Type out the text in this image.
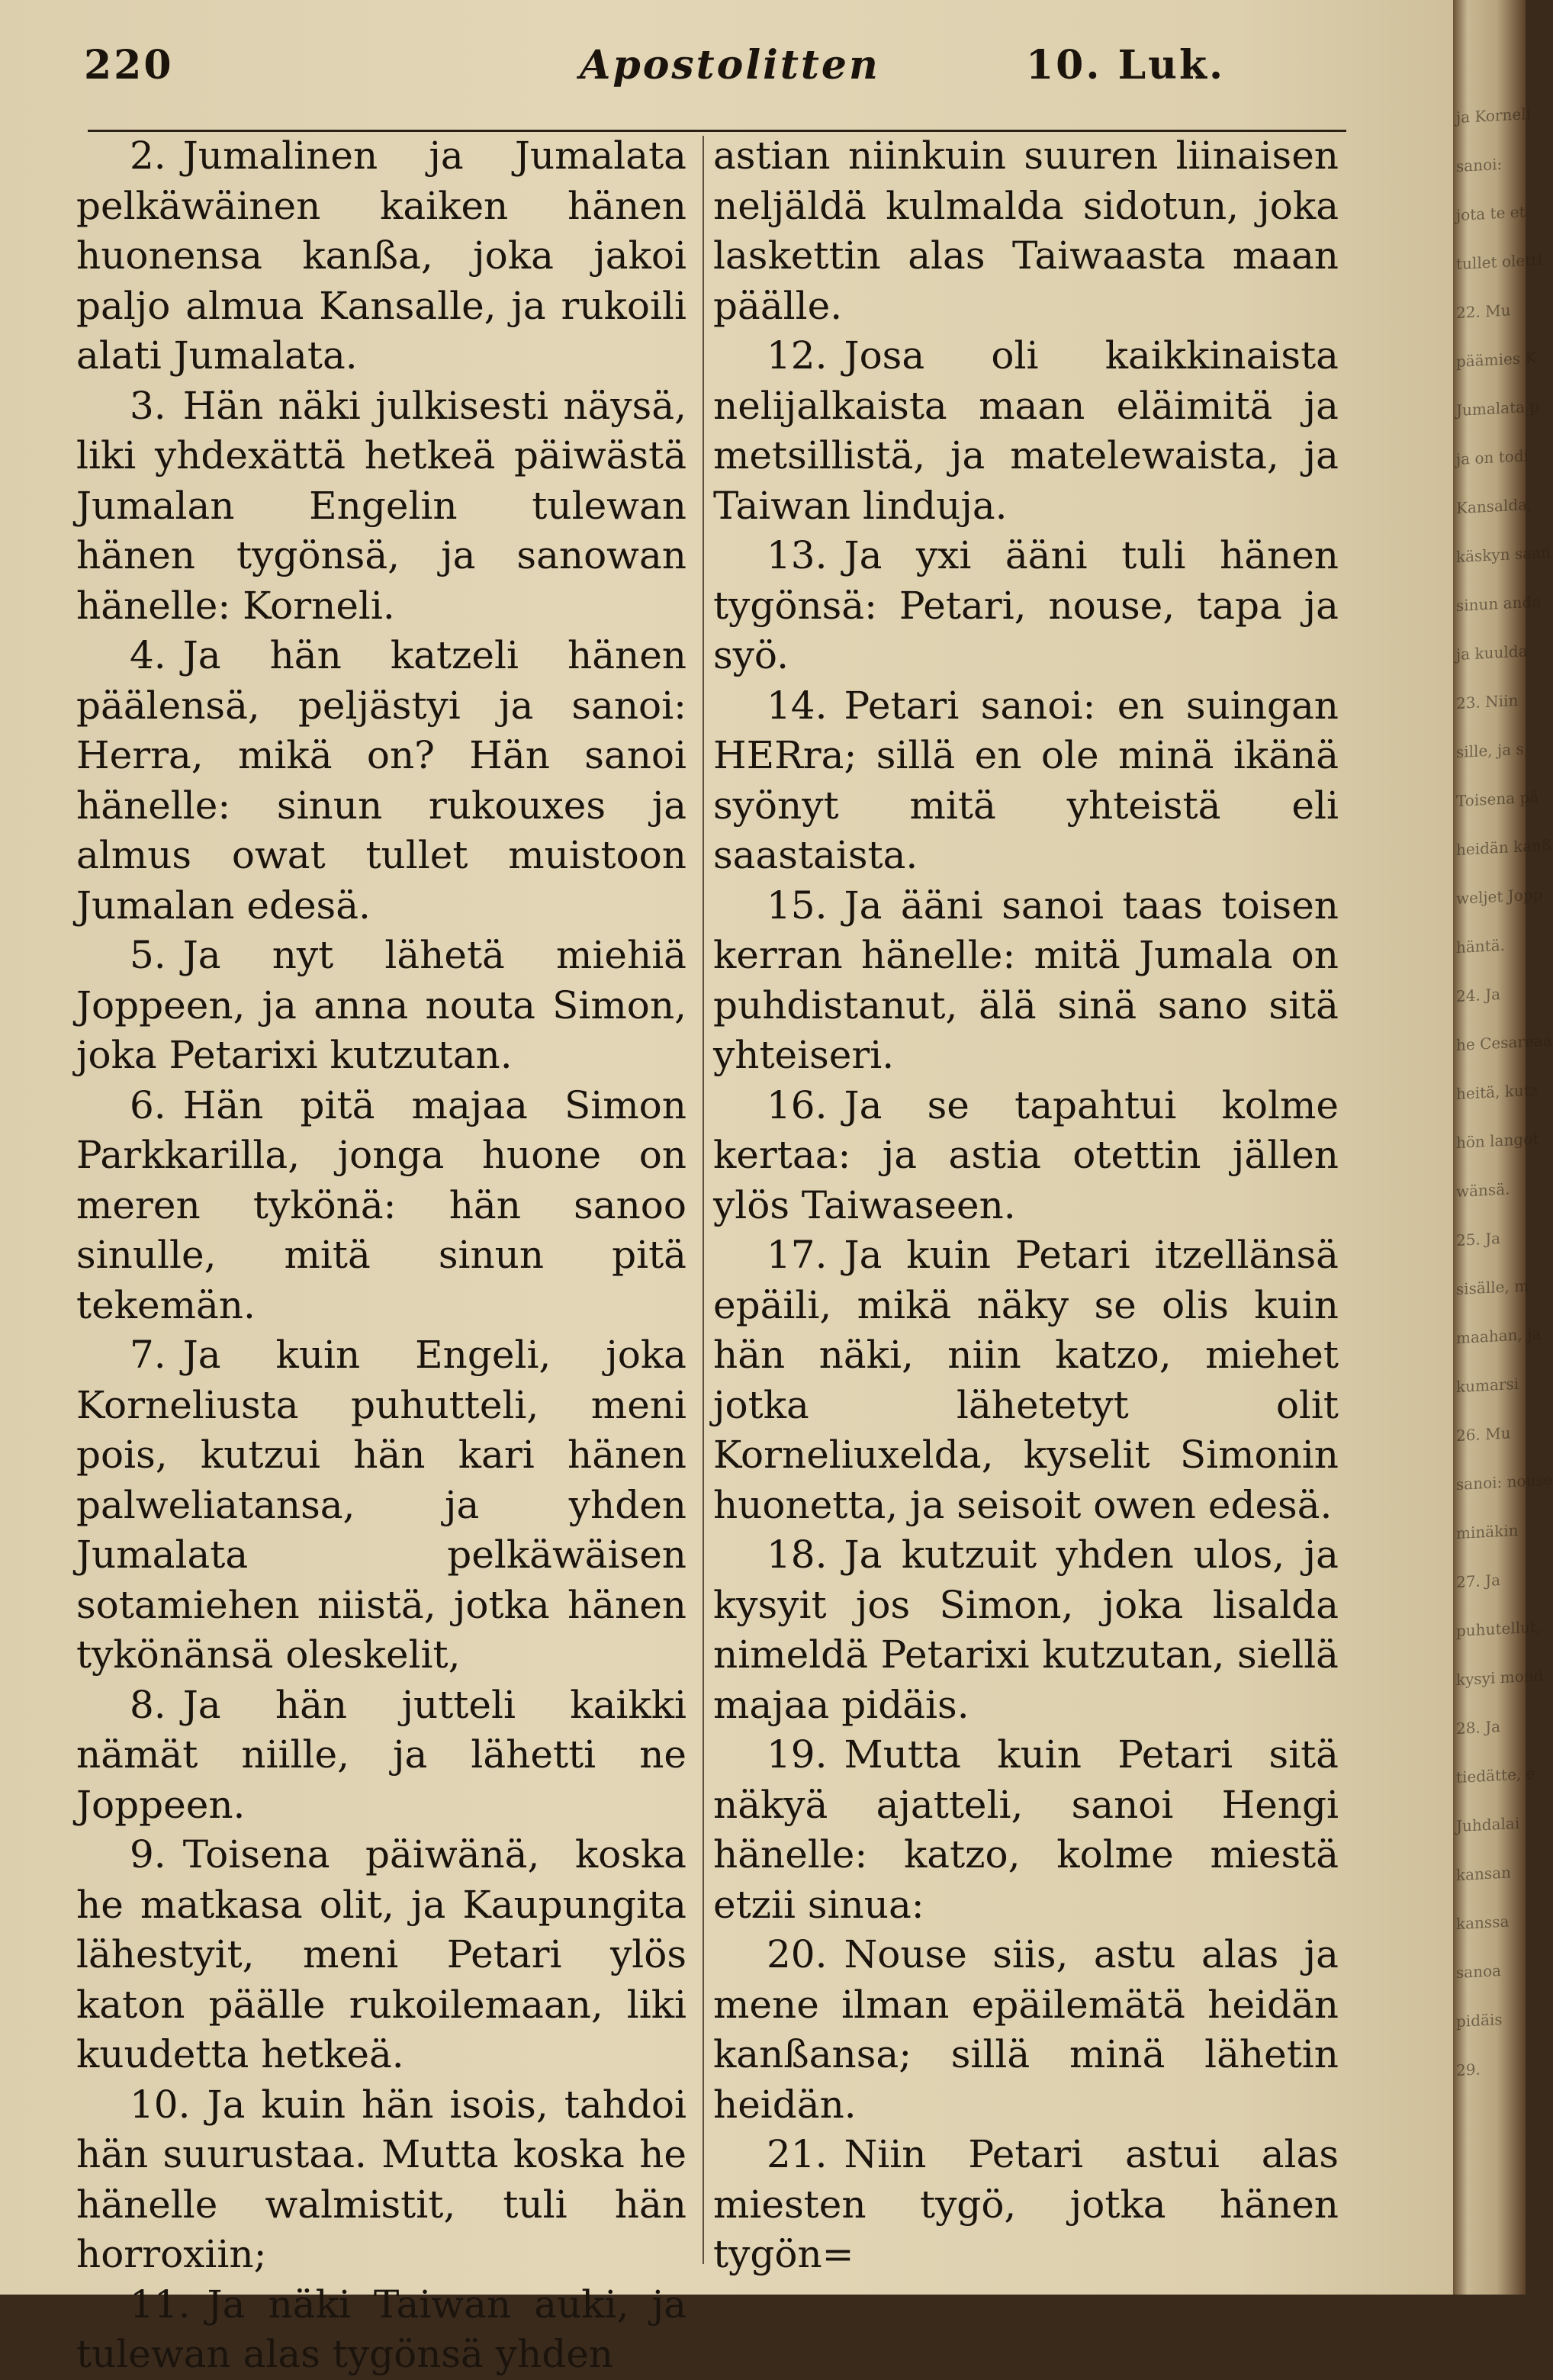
220	Apostolitten	10. Luk.

2. Jumalinen ja Jumalata pelkäwäinen kaiken hänen huonensa kanßa, joka jakoi paljo almua Kansalle, ja rukoili alati Jumalata.

3. Hän näki julkisesti näysä, liki yhdexättä hetkeä päiwästä Jumalan Engelin tulewan hänen tygönsä, ja sanowan hänelle: Korneli.

4. Ja hän katzeli hänen päälensä, peljästyi ja sanoi: Herra, mikä on? Hän sanoi hänelle: sinun rukouxes ja almus owat tullet muistoon Jumalan edesä.

5. Ja nyt lähetä miehiä Joppeen, ja anna nouta Simon, joka Petarixi kutzutan.

6. Hän pitä majaa Simon Parkkarilla, jonga huone on meren tykönä: hän sanoo sinulle, mitä sinun pitä tekemän.

7. Ja kuin Engeli, joka Korneliusta puhutteli, meni pois, kutzui hän kari hänen palweliatansa, ja yhden Jumalata pelkäwäisen sotamiehen niistä, jotka hänen tykönänsä oleskelit,

8. Ja hän jutteli kaikki nämät niille, ja lähetti ne Joppeen.

9. Toisena päiwänä, koska he matkasa olit, ja Kaupungita lähestyit, meni Petari ylös katon päälle rukoilemaan, liki kuudetta hetkeä.

10. Ja kuin hän isois, tahdoi hän suurustaa. Mutta koska he hänelle walmistit, tuli hän horroxiin;

11. Ja näki Taiwan auki, ja tulewan alas tygönsä yhden

astian niinkuin suuren liinaisen neljäldä kulmalda sidotun, joka laskettin alas Taiwaasta maan päälle.

12. Josa oli kaikkinaista nelijalkaista maan eläimitä ja metsillistä, ja matelewaista, ja Taiwan linduja.

13. Ja yxi ääni tuli hänen tygönsä: Petari, nouse, tapa ja syö.

14. Petari sanoi: en suingan HERra; sillä en ole minä ikänä syönyt mitä yhteistä eli saastaista.

15. Ja ääni sanoi taas toisen kerran hänelle: mitä Jumala on puhdistanut, älä sinä sano sitä yhteiseri.

16. Ja se tapahtui kolme kertaa: ja astia otettin jällen ylös Taiwaseen.

17. Ja kuin Petari itzellänsä epäili, mikä näky se olis kuin hän näki, niin katzo, miehet jotka lähetetyt olit Korneliuxelda, kyselit Simonin huonetta, ja seisoit owen edesä.

18. Ja kutzuit yhden ulos, ja kysyit jos Simon, joka lisalda nimeldä Petarixi kutzutan, siellä majaa pidäis.

19. Mutta kuin Petari sitä näkyä ajatteli, sanoi Hengi hänelle: katzo, kolme miestä etzii sinua:

20. Nouse siis, astu alas ja mene ilman epäilemätä heidän kanßansa; sillä minä lähetin heidän.

21. Niin Petari astui alas miesten tygö, jotka hänen tygön=

ja Korneli
sanoi:
jota te et
tullet oletti
22. Mu
päämies K
Jumalata p
ja on todi
Kansalda,
käskyn saan
sinun anda
ja kuulda
23. Niin
sille, ja s
Toisena pä
heidän kanß
weljet Jopp
häntä.
24. Ja
he Cesareaa
heitä, kutz
hön langot
wänsä.
25. Ja
sisälle, m
maahan, ja
kumarsi
26. Mu
sanoi: nouse
minäkin
27. Ja
puhutellut,
kysyi mond
28. Ja
tiedätte, e
Juhdalai
kansan
kanssa
sanoa
pidäis
29.
